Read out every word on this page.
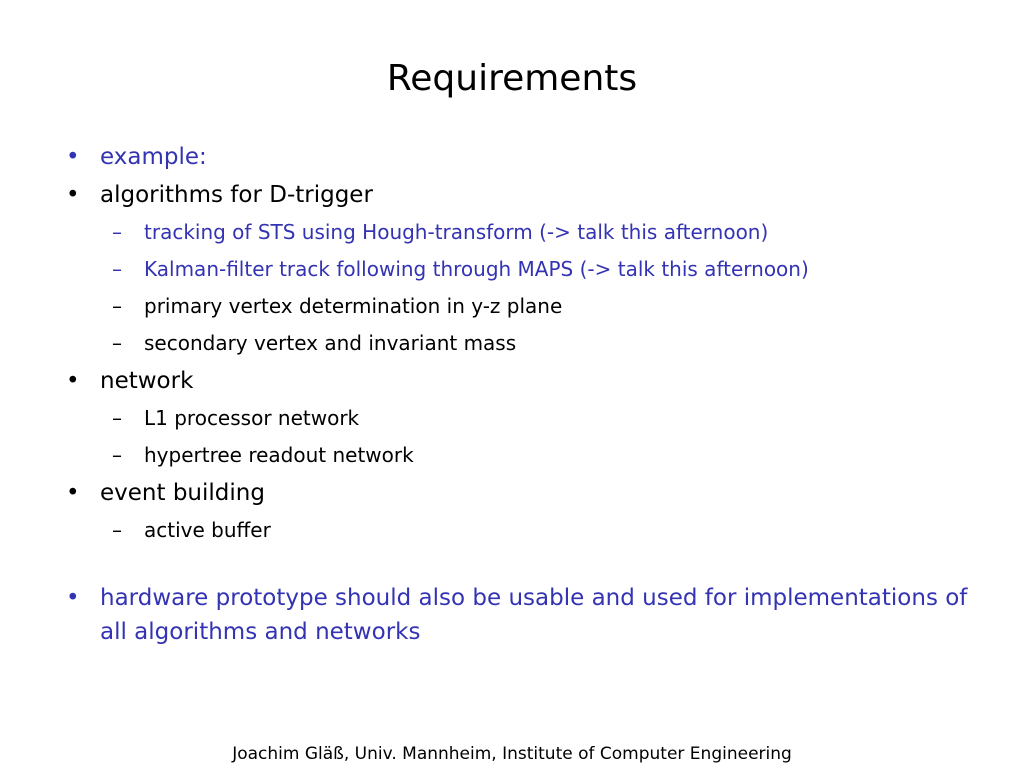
Requirements
• example:
• algorithms for D-trigger
–	tracking of STS using Hough-transform (-> talk this afternoon)
–	Kalman-filter track following through MAPS (-> talk this afternoon)
–	primary vertex determination in y-z plane
–	secondary vertex and invariant mass
• network
–	L1 processor network
–	hypertree readout network
• event building
–	active buffer
• hardware prototype should also be usable and used for implementations of all algorithms and networks
Joachim Gläß, Univ. Mannheim, Institute of Computer Engineering
